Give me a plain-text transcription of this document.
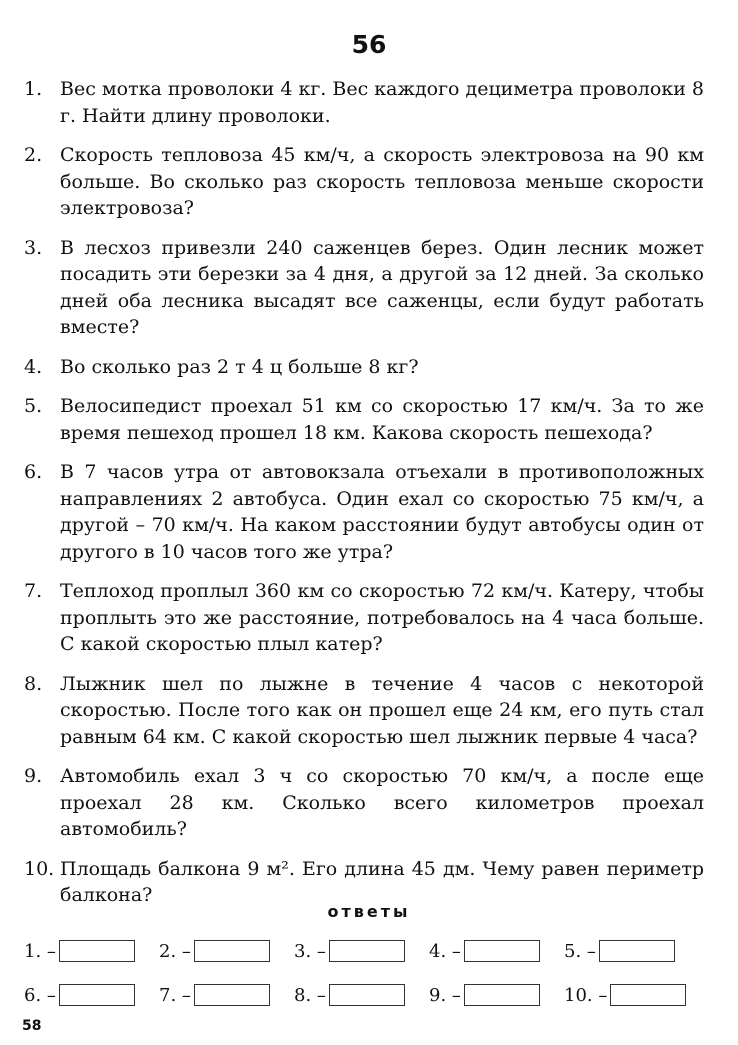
56
1. Вес мотка проволоки 4 кг. Вес каждого дециметра проволоки 8 г. Найти длину проволоки.
2. Скорость тепловоза 45 км/ч, а скорость электровоза на 90 км больше. Во сколько раз скорость тепловоза меньше скорости электровоза?
3. В лесхоз привезли 240 саженцев берез. Один лесник может посадить эти березки за 4 дня, а другой за 12 дней. За сколько дней оба лесника высадят все саженцы, если будут работать вместе?
4. Во сколько раз 2 т 4 ц больше 8 кг?
5. Велосипедист проехал 51 км со скоростью 17 км/ч. За то же время пешеход прошел 18 км. Какова скорость пешехода?
6. В 7 часов утра от автовокзала отъехали в противоположных направлениях 2 автобуса. Один ехал со скоростью 75 км/ч, а другой – 70 км/ч. На каком расстоянии будут автобусы один от другого в 10 часов того же утра?
7. Теплоход проплыл 360 км со скоростью 72 км/ч. Катеру, чтобы проплыть это же расстояние, потребовалось на 4 часа больше. С какой скоростью плыл катер?
8. Лыжник шел по лыжне в течение 4 часов с некоторой скоростью. После того как он прошел еще 24 км, его путь стал равным 64 км. С какой скоростью шел лыжник первые 4 часа?
9. Автомобиль ехал 3 ч со скоростью 70 км/ч, а после еще проехал 28 км. Сколько всего километров проехал автомобиль?
10. Площадь балкона 9 м². Его длина 45 дм. Чему равен периметр балкона?
ответы
1. –	2. –	3. –	4. –	5. –
6. –	7. –	8. –	9. –	10. –
58
